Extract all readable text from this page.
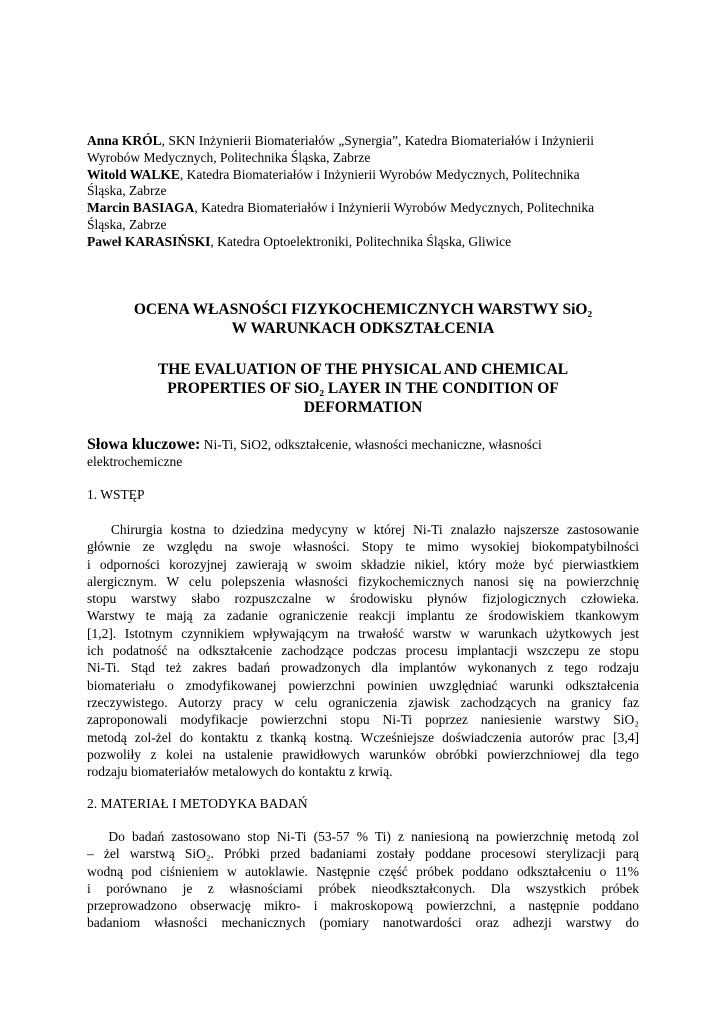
Anna KRÓL, SKN Inżynierii Biomateriałów „Synergia”, Katedra Biomateriałów i Inżynierii

Wyrobów Medycznych, Politechnika Śląska, Zabrze

Witold WALKE, Katedra Biomateriałów i Inżynierii Wyrobów Medycznych, Politechnika

Śląska, Zabrze

Marcin BASIAGA, Katedra Biomateriałów i Inżynierii Wyrobów Medycznych, Politechnika

Śląska, Zabrze

Paweł KARASIŃSKI, Katedra Optoelektroniki, Politechnika Śląska, Gliwice

OCENA WŁASNOŚCI FIZYKOCHEMICZNYCH WARSTWY SiO₂
W WARUNKACH ODKSZTAŁCENIA
THE EVALUATION OF THE PHYSICAL AND CHEMICAL
PROPERTIES OF SiO₂ LAYER IN THE CONDITION OF
DEFORMATION
Słowa kluczowe: Ni-Ti, SiO2, odkształcenie, własności mechaniczne, własności
elektrochemiczne
1. WSTĘP
Chirurgia kostna to dziedzina medycyny w której Ni-Ti znalazło najszersze zastosowanie
głównie ze względu na swoje własności. Stopy te mimo wysokiej biokompatybilności
i odporności korozyjnej zawierają w swoim składzie nikiel, który może być pierwiastkiem
alergicznym. W celu polepszenia własności fizykochemicznych nanosi się na powierzchnię
stopu warstwy słabo rozpuszczalne w środowisku płynów fizjologicznych człowieka.
Warstwy te mają za zadanie ograniczenie reakcji implantu ze środowiskiem tkankowym
[1,2]. Istotnym czynnikiem wpływającym na trwałość warstw w warunkach użytkowych jest
ich podatność na odkształcenie zachodzące podczas procesu implantacji wszczepu ze stopu
Ni-Ti. Stąd też zakres badań prowadzonych dla implantów wykonanych z tego rodzaju
biomateriału o zmodyfikowanej powierzchni powinien uwzględniać warunki odkształcenia
rzeczywistego. Autorzy pracy w celu ograniczenia zjawisk zachodzących na granicy faz
zaproponowali modyfikacje powierzchni stopu Ni-Ti poprzez naniesienie warstwy SiO₂
metodą zol-żel do kontaktu z tkanką kostną. Wcześniejsze doświadczenia autorów prac [3,4]
pozwoliły z kolei na ustalenie prawidłowych warunków obróbki powierzchniowej dla tego
rodzaju biomateriałów metalowych do kontaktu z krwią.
2. MATERIAŁ I METODYKA BADAŃ
Do badań zastosowano stop Ni-Ti (53-57 % Ti) z naniesioną na powierzchnię metodą zol
– żel warstwą SiO₂. Próbki przed badaniami zostały poddane procesowi sterylizacji parą
wodną pod ciśnieniem w autoklawie. Następnie część próbek poddano odkształceniu o 11%
i porównano je z własnościami próbek nieodkształconych. Dla wszystkich próbek
przeprowadzono obserwację mikro- i makroskopową powierzchni, a następnie poddano
badaniom własności mechanicznych (pomiary nanotwardości oraz adhezji warstwy do
